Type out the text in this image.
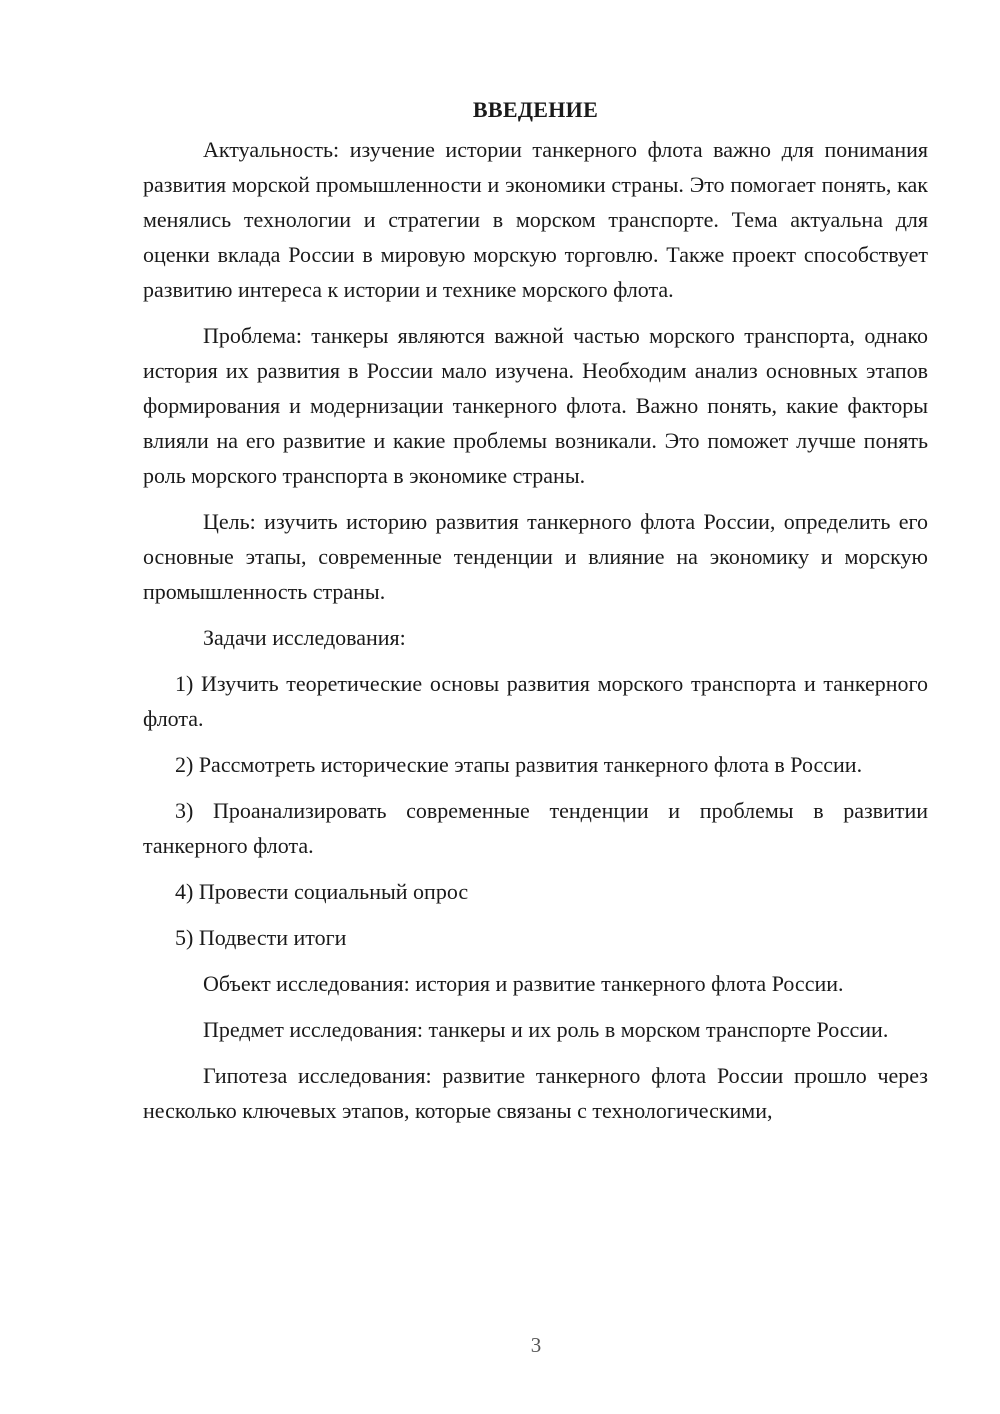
ВВЕДЕНИЕ

Актуальность: изучение истории танкерного флота важно для понимания развития морской промышленности и экономики страны. Это помогает понять, как менялись технологии и стратегии в морском транспорте. Тема актуальна для оценки вклада России в мировую морскую торговлю. Также проект способствует развитию интереса к истории и технике морского флота.

Проблема: танкеры являются важной частью морского транспорта, однако история их развития в России мало изучена. Необходим анализ основных этапов формирования и модернизации танкерного флота. Важно понять, какие факторы влияли на его развитие и какие проблемы возникали. Это поможет лучше понять роль морского транспорта в экономике страны.

Цель: изучить историю развития танкерного флота России, определить его основные этапы, современные тенденции и влияние на экономику и морскую промышленность страны.

Задачи исследования:

1) Изучить теоретические основы развития морского транспорта и танкерного флота.

2) Рассмотреть исторические этапы развития танкерного флота в России.

3) Проанализировать современные тенденции и проблемы в развитии танкерного флота.

4) Провести социальный опрос

5) Подвести итоги

Объект исследования: история и развитие танкерного флота России.

Предмет исследования: танкеры и их роль в морском транспорте России.

Гипотеза исследования: развитие танкерного флота России прошло через несколько ключевых этапов, которые связаны с технологическими,

3
